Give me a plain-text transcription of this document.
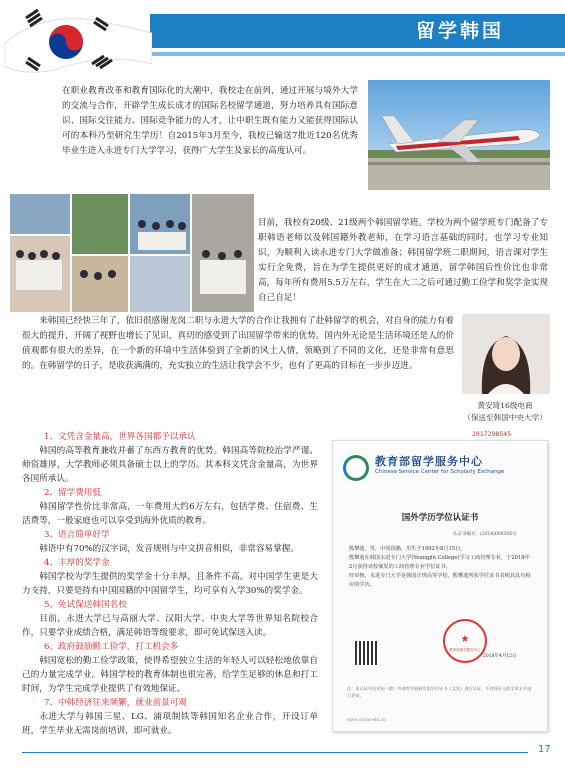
留学韩国

在职业教育改革和教育国际化的大潮中，我校走在前列，通过开展与境外大学的交流与合作，开辟学生成长成才的国际名校留学通道，努力培养具有国际意识、国际交往能力、国际竞争能力的人才，让中职生既有能力又能获得国际认可的本科乃至研究生学历！自2015年3月至今，我校已输送7批近120名优秀毕业生进入永进专门大学学习，获得广大学生及家长的高度认可。

目前，我校有20级、21级两个韩国留学班。学校为两个留学班专门配备了专职韩语老师以及韩国籍外教老师，在学习语言基础的同时，也学习专业知识，为顺利入读永进专门大学做准备；韩国留学班二职期间，语言课对学生实行全免费，旨在为学生提供更好的成才通道，留学韩国后性价比也非常高，每年所有费用5.5万左右，学生在大二之后可通过勤工俭学和奖学金实现自己自足！

来韩国已经快三年了，依旧很感谢龙岗二职与永进大学的合作让我拥有了赴韩留学的机会，对自身的能力有着很大的提升，开阔了视野也增长了见识，真切的感受到了出国留学带来的优势。国内外无论是生活环境还是人的价值观都有很大的差异，在一个新的环境中生活体验到了全新的风土人情，领略到了不同的文化，还是非常有意思的。在韩留学的日子，是收获满满的，充实独立的生活让我学会不少，也有了更高的目标在一步步迈进。

黄安琦16级电商
（保送至韩国中央大学）
2017298545

1、文凭含金量高，世界各国都予以承认

韩国的高等教育兼收并蓄了东西方教育的优势。韩国高等院校治学严谨、师资雄厚，大学教师必须具备硕士以上的学历。其本科文凭含金量高，为世界各国所承认。

2、留学费用低

韩国留学性价比非常高，一年费用大约6万左右，包括学费、住宿费、生活费等，一般家庭也可以享受到海外优质的教育。

3、语言简单好学

韩语中有70%的汉字词，发音规则与中文拼音相似，非常容易掌握。

4、丰厚的奖学金

韩国学校为学生提供的奖学金十分丰厚，且条件不高。对中国学生更是大力支持，只要是持有中国国籍的中国留学生，均可享有入学30%的奖学金。

5、免试保送韩国名校

目前，永进大学已与高丽大学、汉阳大学、中央大学等世界知名院校合作，只要学业成绩合格，满足韩语等级要求，即可免试保送入读。

6、政府鼓励勤工俭学，打工机会多

韩国宽松的勤工俭学政策，使得希望独立生活的年轻人可以轻松地依靠自己的力量完成学业。韩国学校的教育体制也很完善，给学生足够的休息和打工时间，为学生完成学业提供了有效地保证。

7、中韩经济往来频繁，就业前景可观

永进大学与韩国三星、LG、浦项制铁等韩国知名企业合作，开设订单班，学生毕业无需岗前培训，即可就业。

教育部留学服务中心
Chinese Service Center for Scholarly Exchange
国外学历学位认证书
认证书编号：(2018)000306号
熊攀迪，男，中国国籍，出生于1992年8月15日。
熊攀迪在韩国永进专门大学(Yeungjin College)学习工商管理专业，于2018年2月获得该校颁发的工商管理专业学位证书。
经审核，永进专门大学是韩国正规高等学校，熊攀迪所获学位证书表明其具有相应的学历。
★
教育部留学服务中心
2018年4月12日
注：本认证书仅对国（境）外高等学校颁发的学位证书（文凭）进行认证，不对持证人的学术水平进行评价。
www.cscse.edu.cn
17
